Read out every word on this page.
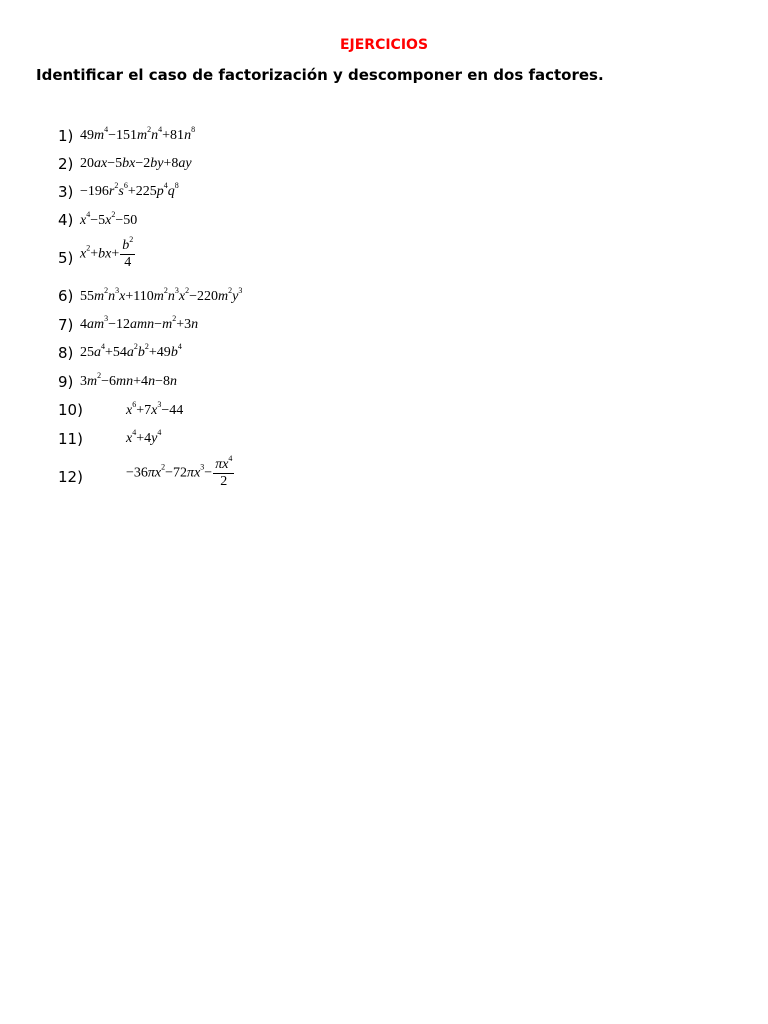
EJERCICIOS
Identificar el caso de factorización y descomponer en dos factores.
1) $49m^4-151m^2n^4+81n^8$
2) 20ax−5bx−2by+8ay
$3) -196r^2s^6+225p^4q^8$
4) $x^4-5x^2-50$
5) $x^2+bx+ \frac{b^2}{4}$
6) $55m^2n^3x+110m^2n^3x^2-220m^2y^3$
7) $4am^3-12amn-m^2+3n$
8) $25a^4+54a^2b^2+49b^4$
9) $3m^2-6mn+4n-8n$
10)	$x^6+7x^3-44$
11)	$x^4+4y^4$
12)	$-36\pi x^2-72\pi x^3- \frac{\pi x^4}{2}$
